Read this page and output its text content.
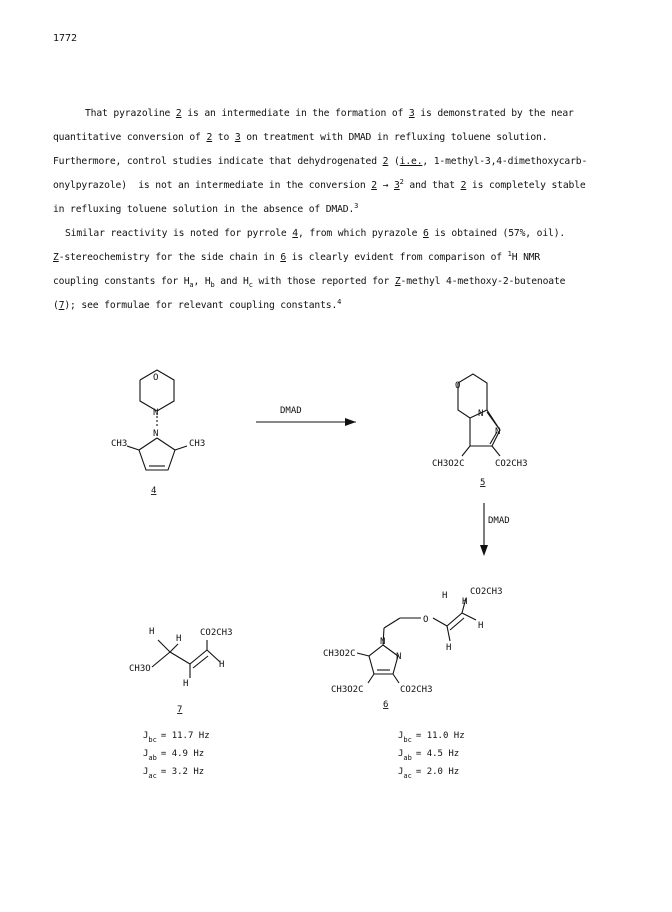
1772
That pyrazoline 2 is an intermediate in the formation of 3 is demonstrated by the near
quantitative conversion of 2 to 3 on treatment with DMAD in refluxing toluene solution.
Furthermore, control studies indicate that dehydrogenated 2 (i.e., 1-methyl-3,4-dimethoxycarb-
onylpyrazole)  is not an intermediate in the conversion $2 \to 3^2$ and that 2 is completely stable
in refluxing toluene solution in the absence of DMAD.$^3$
Similar reactivity is noted for pyrrole 4, from which pyrazole 6 is obtained (57%, oil).
Z-stereochemistry for the side chain in 6 is clearly evident from comparison of $^1$H NMR
coupling constants for $H_a$, $H_b$ and $H_c$ with those reported for Z-methyl 4-methoxy-2-butenoate
(7); see formulae for relevant coupling constants.$^4$
O
N
N
CH3	CH3
4
DMAD
DMAD
O
N
N
CH3O2C	CO2CH3
5
H
H
CO2CH3
CH3O	H
H
7
H
H
CO2CH3
O
H
H
N
N
CH3O2C
CH3O2C	CO2CH3
6
$J_{bc} = 11.7$ Hz
$J_{ab} = 4.9$ Hz
$J_{ac} = 3.2$ Hz
$J_{bc} = 11.0$ Hz
$J_{ab} = 4.5$ Hz
$J_{ac} = 2.0$ Hz
